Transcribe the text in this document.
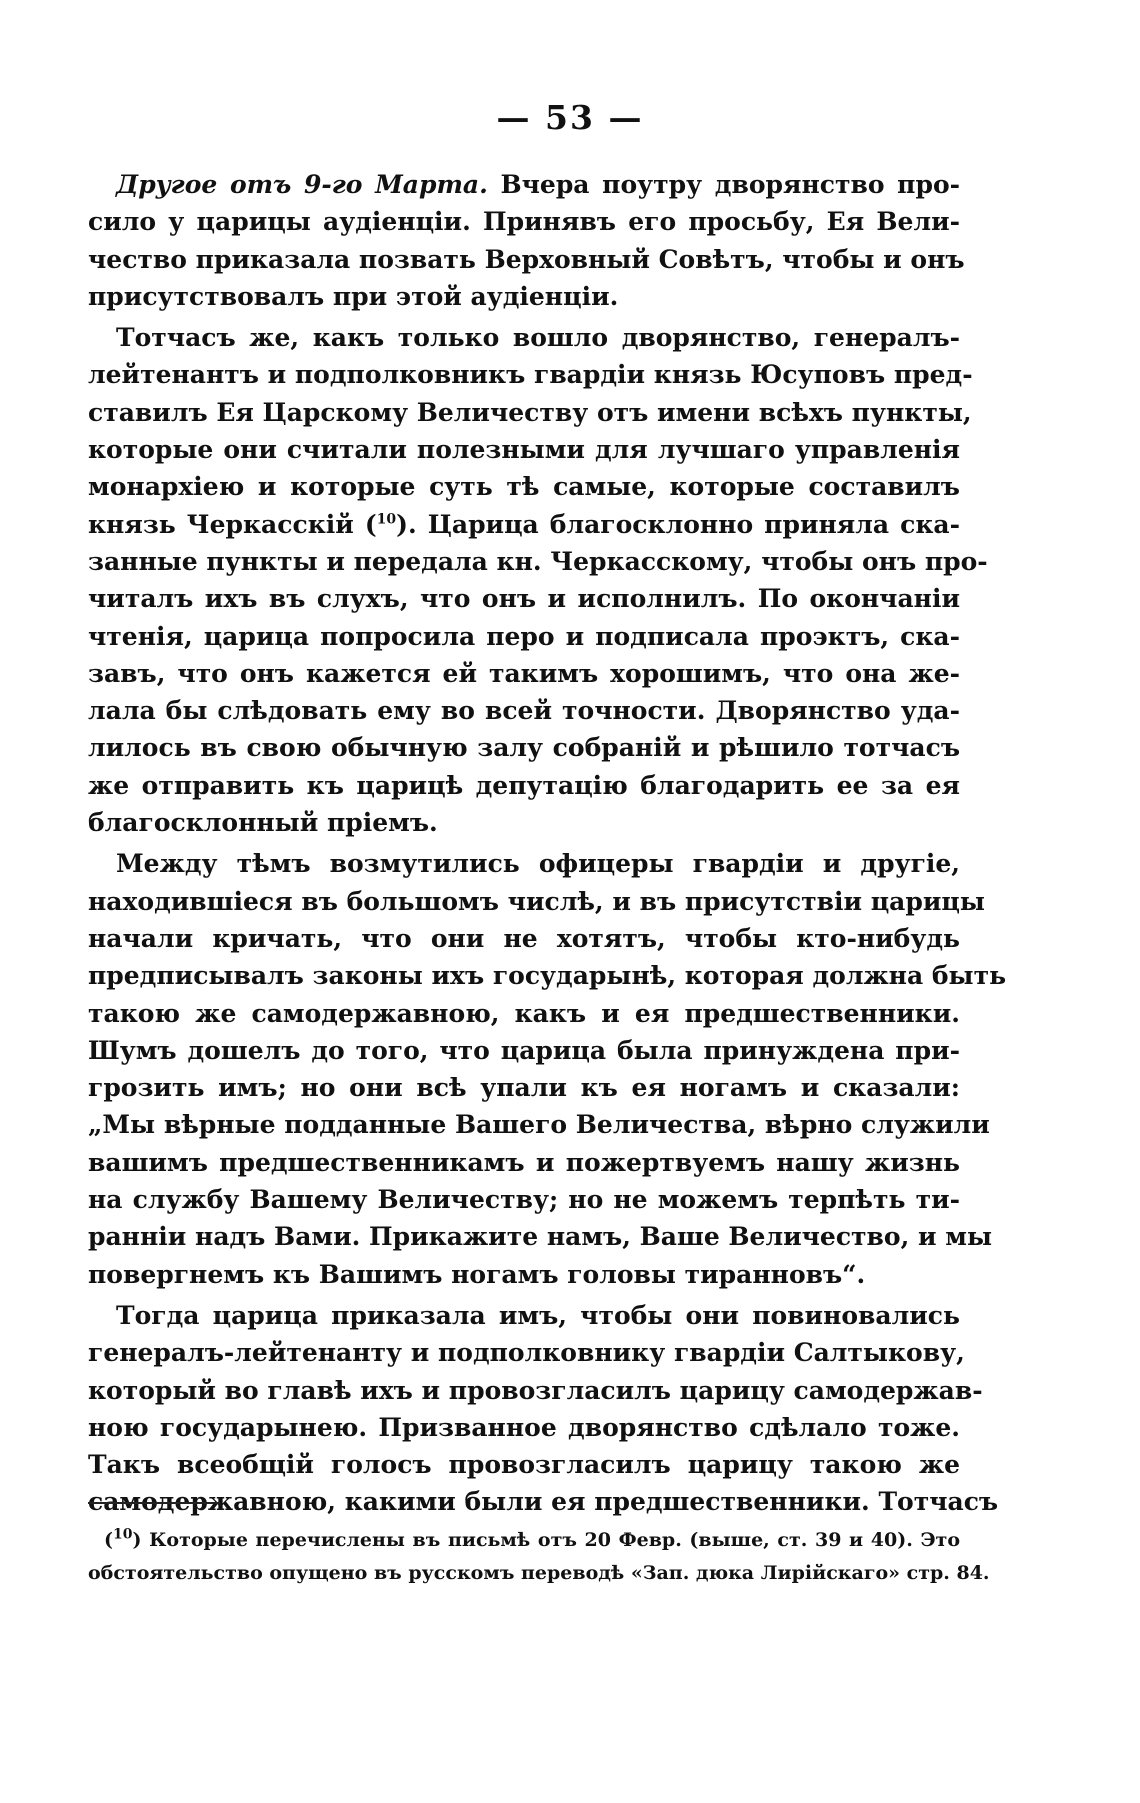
— 53 —
Другое отъ 9-го Марта. Вчера поутру дворянство про-
сило у царицы аудіенціи. Принявъ его просьбу, Ея Вели-
чество приказала позвать Верховный Совѣтъ, чтобы и онъ
присутствовалъ при этой аудіенціи.
Тотчасъ же, какъ только вошло дворянство, генералъ-
лейтенантъ и подполковникъ гвардіи князь Юсуповъ пред-
ставилъ Ея Царскому Величеству отъ имени всѣхъ пункты,
которые они считали полезными для лучшаго управленія
монархіею и которые суть тѣ самые, которые составилъ
князь Черкасскій ($^{10}$). Царица благосклонно приняла ска-
занные пункты и передала кн. Черкасскому, чтобы онъ про-
читалъ ихъ въ слухъ, что онъ и исполнилъ. По окончаніи
чтенія, царица попросила перо и подписала проэктъ, ска-
завъ, что онъ кажется ей такимъ хорошимъ, что она же-
лала бы слѣдовать ему во всей точности. Дворянство уда-
лилось въ свою обычную залу собраній и рѣшило тотчасъ
же отправить къ царицѣ депутацію благодарить ее за ея
благосклонный пріемъ.
Между тѣмъ возмутились офицеры гвардіи и другіе,
находившіеся въ большомъ числѣ, и въ присутствіи царицы
начали кричать, что они не хотятъ, чтобы кто-нибудь
предписывалъ законы ихъ государынѣ, которая должна быть
такою же самодержавною, какъ и ея предшественники.
Шумъ дошелъ до того, что царица была принуждена при-
грозить имъ; но они всѣ упали къ ея ногамъ и сказали:
„Мы вѣрные подданные Вашего Величества, вѣрно служили
вашимъ предшественникамъ и пожертвуемъ нашу жизнь
на службу Вашему Величеству; но не можемъ терпѣть ти-
ранніи надъ Вами. Прикажите намъ, Ваше Величество, и мы
повергнемъ къ Вашимъ ногамъ головы тиранновъ“.
Тогда царица приказала имъ, чтобы они повиновались
генералъ-лейтенанту и подполковнику гвардіи Салтыкову,
который во главѣ ихъ и провозгласилъ царицу самодержав-
ною государынею. Призванное дворянство сдѣлало тоже.
Такъ всеобщій голосъ провозгласилъ царицу такою же
самодержавною, какими были ея предшественники. Тотчасъ
($^{10}$) Которые перечислены въ письмѣ отъ 20 Февр. (выше, ст. 39 и 40). Это
обстоятельство опущено въ русскомъ переводѣ «Зап. дюка Лирійскаго» стр. 84.
